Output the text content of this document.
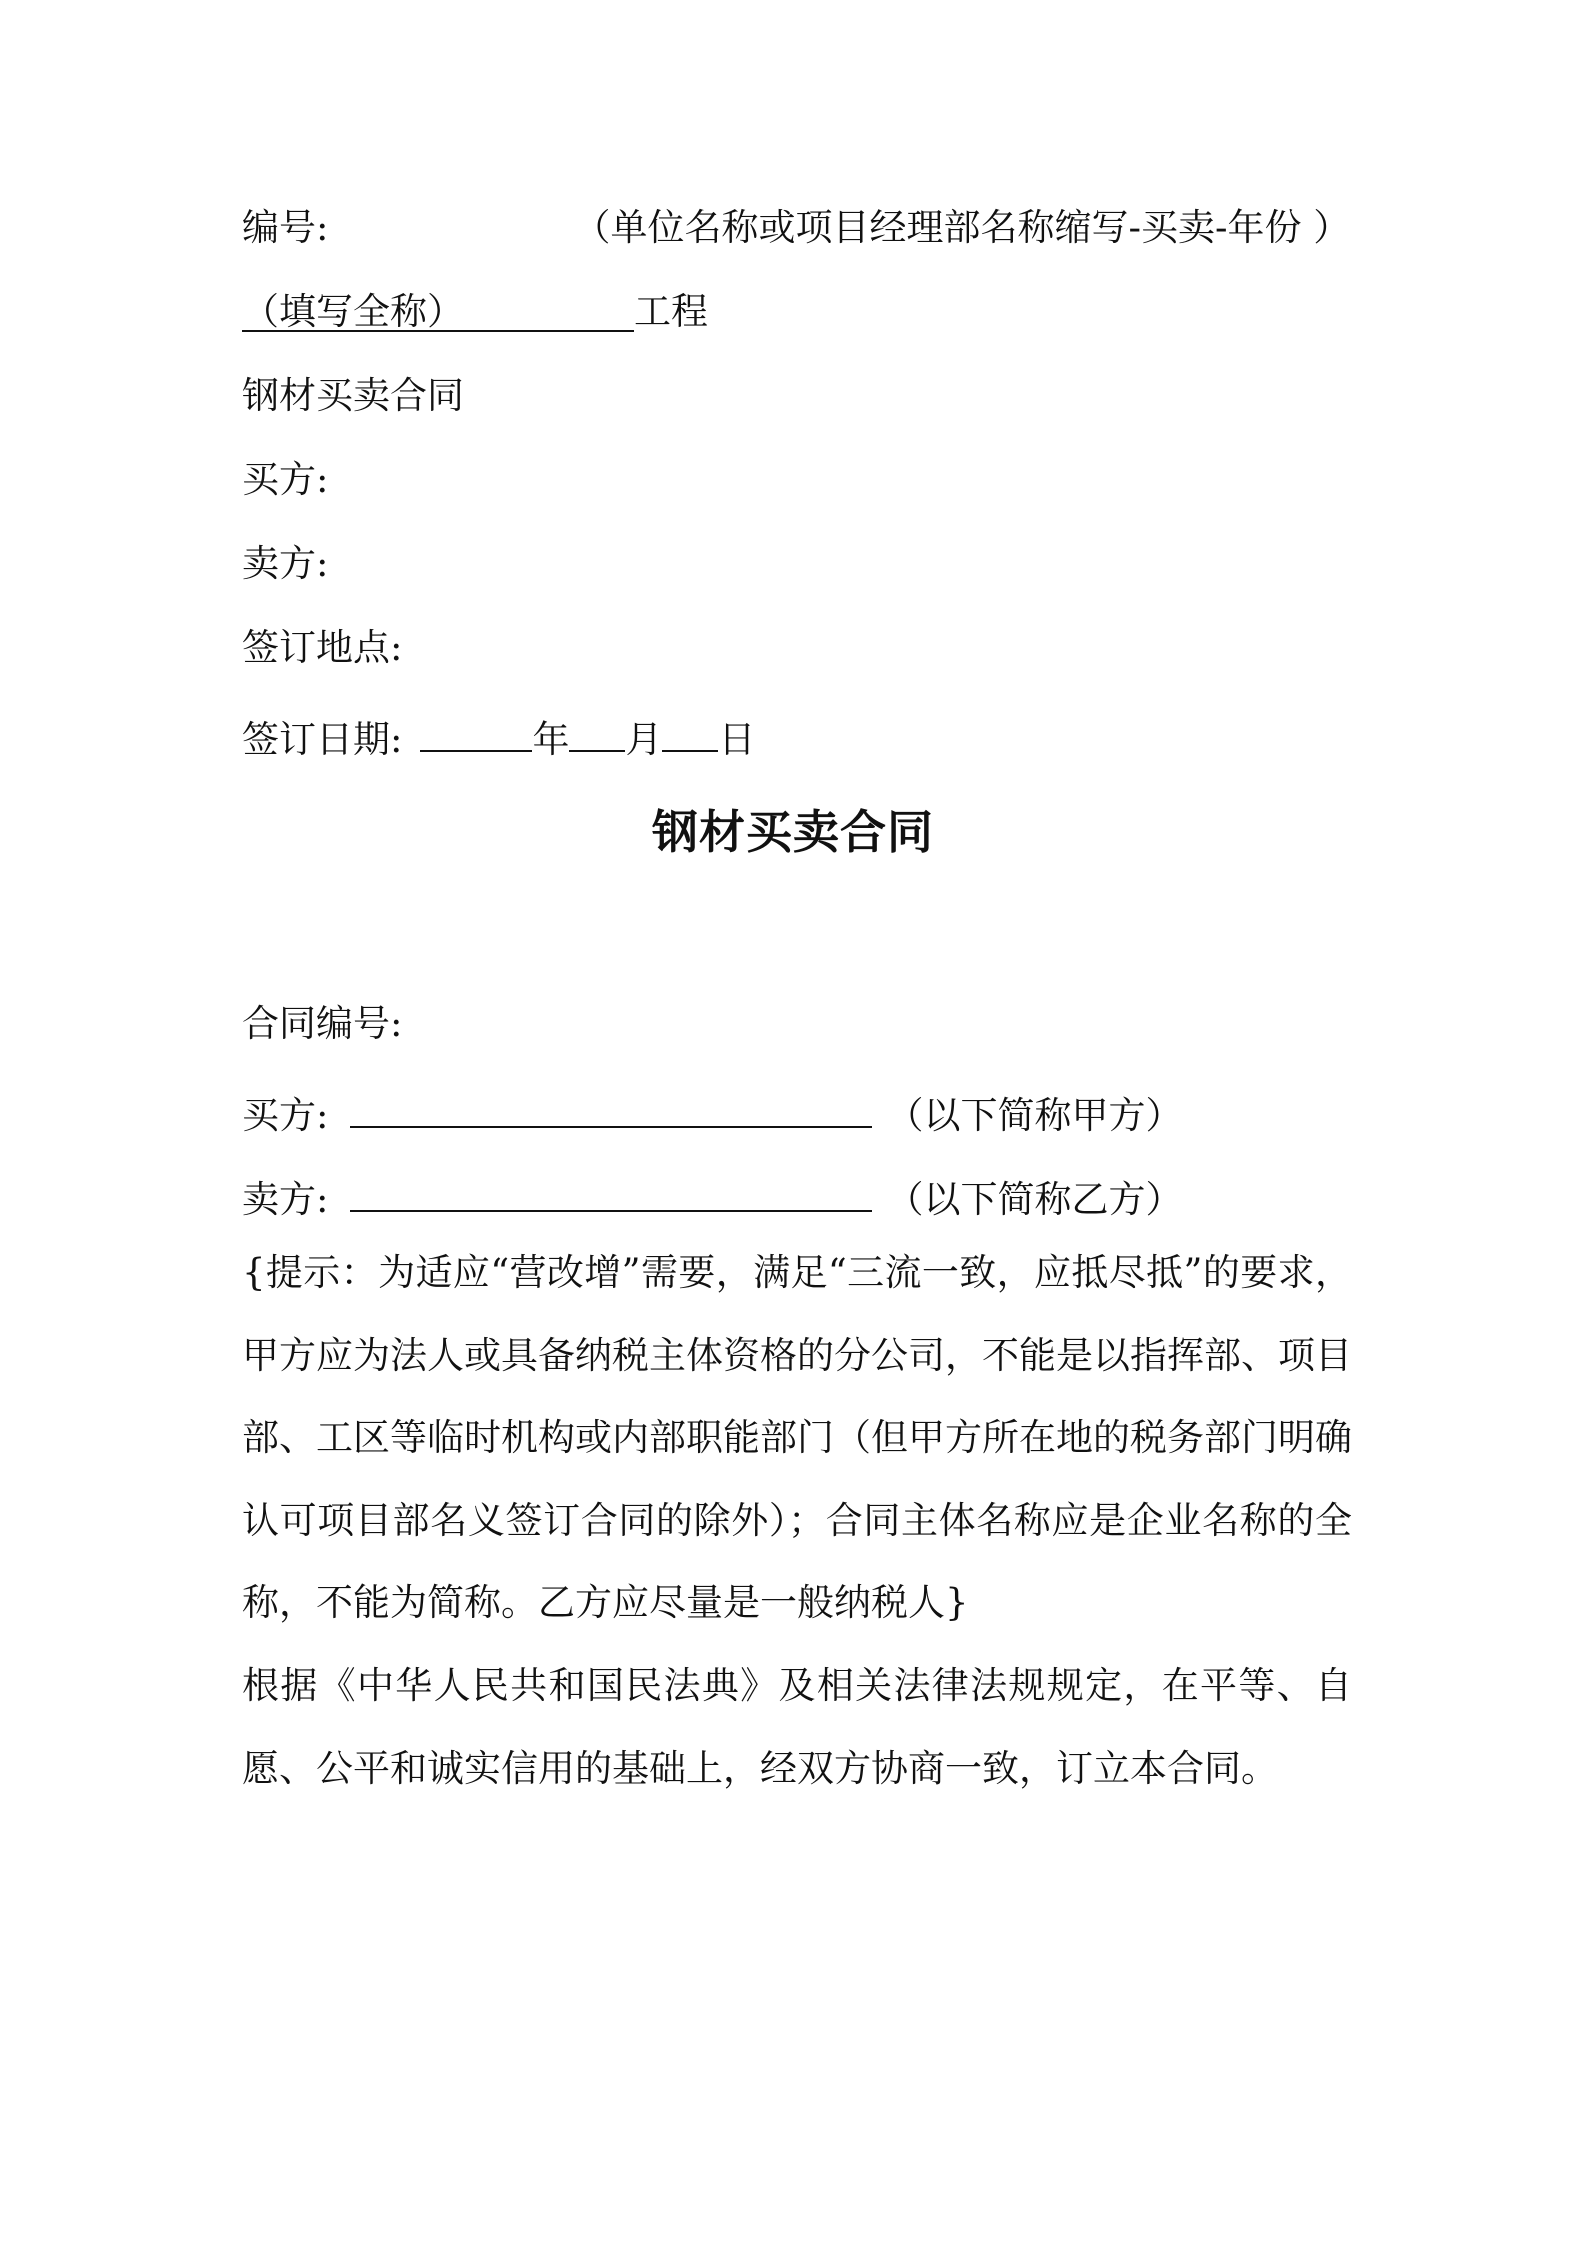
编号:	（单位名称或项目经理部名称缩写-买卖-年份 ）
（填写全称）	工程
钢材买卖合同
买方:
卖方:
签订地点:
签订日期:	年 月 日
钢材买卖合同
合同编号:
买方:	（以下简称甲方）
卖方:	（以下简称乙方）
{提示：为适应“营改增”需要，满足“三流一致，应抵尽抵”的要求，甲方应为法人或具备纳税主体资格的分公司，不能是以指挥部、项目部、工区等临时机构或内部职能部门（但甲方所在地的税务部门明确认可项目部名义签订合同的除外）；合同主体名称应是企业名称的全称，不能为简称。乙方应尽量是一般纳税人}
根据《中华人民共和国民法典》及相关法律法规规定，在平等、自愿、公平和诚实信用的基础上，经双方协商一致，订立本合同。
